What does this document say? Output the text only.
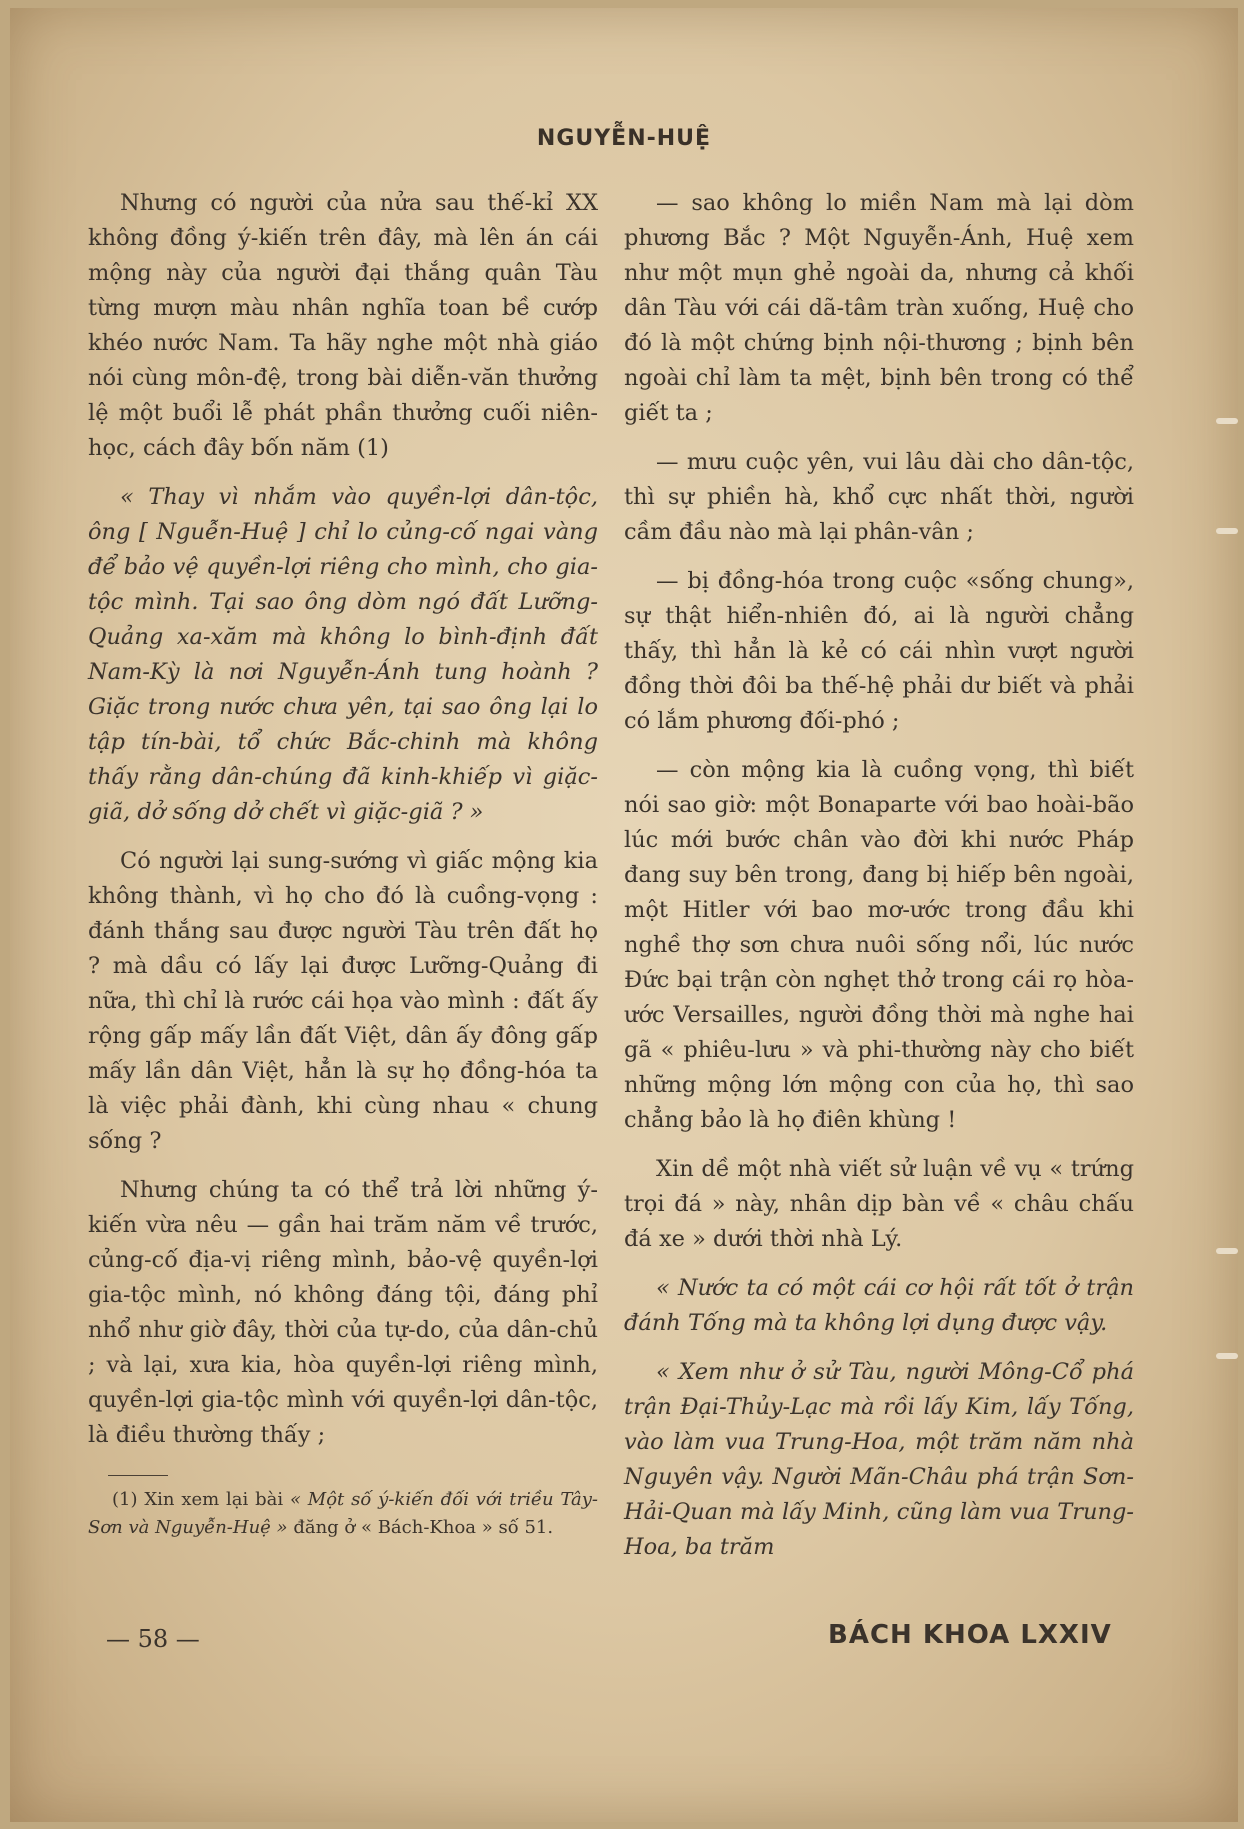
NGUYỄN-HUỆ

Nhưng có người của nửa sau thế-kỉ XX không đồng ý-kiến trên đây, mà lên án cái mộng này của người đại thắng quân Tàu từng mượn màu nhân nghĩa toan bề cướp khéo nước Nam. Ta hãy nghe một nhà giáo nói cùng môn-đệ, trong bài diễn-văn thưởng lệ một buổi lễ phát phần thưởng cuối niên-học, cách đây bốn năm (1)

« Thay vì nhắm vào quyền-lợi dân-tộc, ông [ Nguễn-Huệ ] chỉ lo củng-cố ngai vàng để bảo vệ quyền-lợi riêng cho mình, cho gia-tộc mình. Tại sao ông dòm ngó đất Lưỡng-Quảng xa-xăm mà không lo bình-định đất Nam-Kỳ là nơi Nguyễn-Ánh tung hoành ? Giặc trong nước chưa yên, tại sao ông lại lo tập tín-bài, tổ chức Bắc-chinh mà không thấy rằng dân-chúng đã kinh-khiếp vì giặc-giã, dở sống dở chết vì giặc-giã ? »

Có người lại sung-sướng vì giấc mộng kia không thành, vì họ cho đó là cuồng-vọng : đánh thắng sau được người Tàu trên đất họ ? mà dầu có lấy lại được Lưỡng-Quảng đi nữa, thì chỉ là rước cái họa vào mình : đất ấy rộng gấp mấy lần đất Việt, dân ấy đông gấp mấy lần dân Việt, hẳn là sự họ đồng-hóa ta là việc phải đành, khi cùng nhau « chung sống ?

Nhưng chúng ta có thể trả lời những ý-kiến vừa nêu — gần hai trăm năm về trước, củng-cố địa-vị riêng mình, bảo-vệ quyền-lợi gia-tộc mình, nó không đáng tội, đáng phỉ nhổ như giờ đây, thời của tự-do, của dân-chủ ; và lại, xưa kia, hòa quyền-lợi riêng mình, quyền-lợi gia-tộc mình với quyền-lợi dân-tộc, là điều thường thấy ;

(1) Xin xem lại bài « Một số ý-kiến đối với triều Tây-Sơn và Nguyễn-Huệ » đăng ở « Bách-Khoa » số 51.

— sao không lo miền Nam mà lại dòm phương Bắc ? Một Nguyễn-Ánh, Huệ xem như một mụn ghẻ ngoài da, nhưng cả khối dân Tàu với cái dã-tâm tràn xuống, Huệ cho đó là một chứng bịnh nội-thương ; bịnh bên ngoài chỉ làm ta mệt, bịnh bên trong có thể giết ta ;

— mưu cuộc yên, vui lâu dài cho dân-tộc, thì sự phiền hà, khổ cực nhất thời, người cầm đầu nào mà lại phân-vân ;

— bị đồng-hóa trong cuộc «sống chung», sự thật hiển-nhiên đó, ai là người chẳng thấy, thì hẳn là kẻ có cái nhìn vượt người đồng thời đôi ba thế-hệ phải dư biết và phải có lắm phương đối-phó ;

— còn mộng kia là cuồng vọng, thì biết nói sao giờ: một Bonaparte với bao hoài-bão lúc mới bước chân vào đời khi nước Pháp đang suy bên trong, đang bị hiếp bên ngoài, một Hitler với bao mơ-ước trong đầu khi nghề thợ sơn chưa nuôi sống nổi, lúc nước Đức bại trận còn nghẹt thở trong cái rọ hòa-ước Versailles, người đồng thời mà nghe hai gã « phiêu-lưu » và phi-thường này cho biết những mộng lớn mộng con của họ, thì sao chẳng bảo là họ điên khùng !

Xin dề một nhà viết sử luận về vụ « trứng trọi đá » này, nhân dịp bàn về « châu chấu đá xe » dưới thời nhà Lý.

« Nước ta có một cái cơ hội rất tốt ở trận đánh Tống mà ta không lợi dụng được vậy.

« Xem như ở sử Tàu, người Mông-Cổ phá trận Đại-Thủy-Lạc mà rồi lấy Kim, lấy Tống, vào làm vua Trung-Hoa, một trăm năm nhà Nguyên vậy. Người Mãn-Châu phá trận Sơn-Hải-Quan mà lấy Minh, cũng làm vua Trung-Hoa, ba trăm

— 58 —	BÁCH KHOA LXXIV
